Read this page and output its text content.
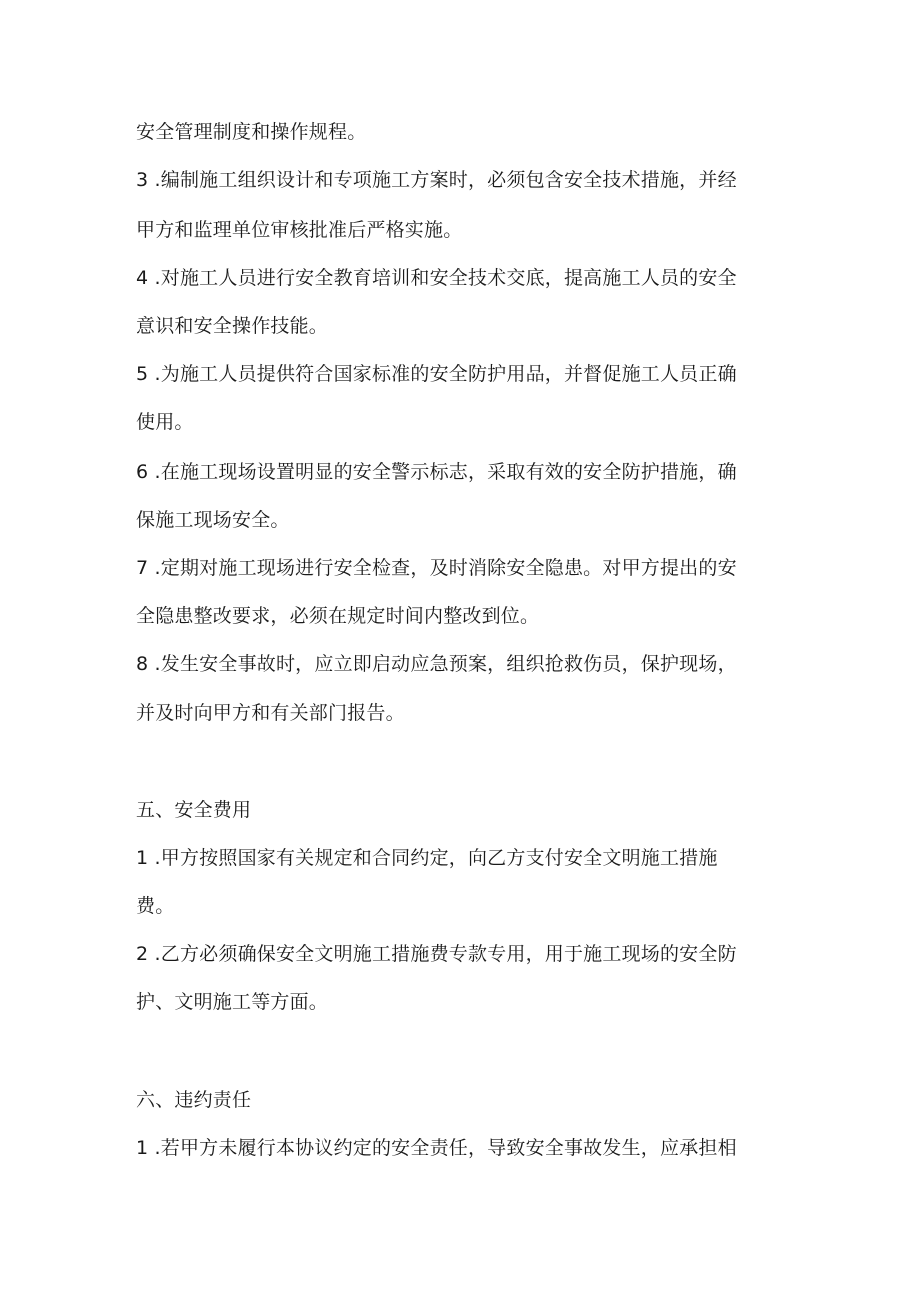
安全管理制度和操作规程。
3 .编制施工组织设计和专项施工方案时，必须包含安全技术措施，并经
甲方和监理单位审核批准后严格实施。
4 .对施工人员进行安全教育培训和安全技术交底，提高施工人员的安全
意识和安全操作技能。
5 .为施工人员提供符合国家标准的安全防护用品，并督促施工人员正确
使用。
6 .在施工现场设置明显的安全警示标志，采取有效的安全防护措施，确
保施工现场安全。
7 .定期对施工现场进行安全检查，及时消除安全隐患。对甲方提出的安
全隐患整改要求，必须在规定时间内整改到位。
8 .发生安全事故时，应立即启动应急预案，组织抢救伤员，保护现场，
并及时向甲方和有关部门报告。
五、安全费用
1 .甲方按照国家有关规定和合同约定，向乙方支付安全文明施工措施
费。
2 .乙方必须确保安全文明施工措施费专款专用，用于施工现场的安全防
护、文明施工等方面。
六、违约责任
1 .若甲方未履行本协议约定的安全责任，导致安全事故发生，应承担相
